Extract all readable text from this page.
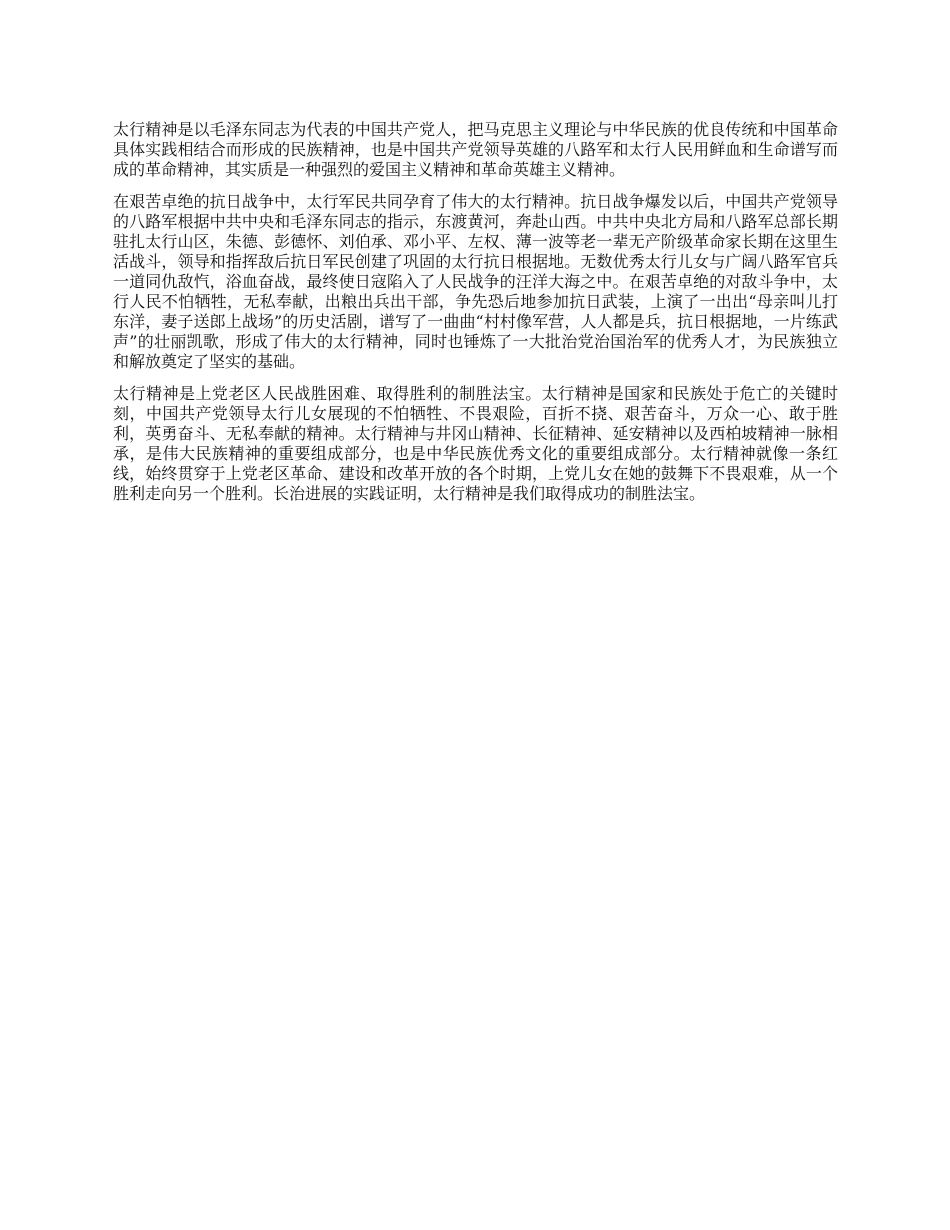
太行精神是以毛泽东同志为代表的中国共产党人，把马克思主义理论与中华民族的优良传统和中国革命具体实践相结合而形成的民族精神，也是中国共产党领导英雄的八路军和太行人民用鲜血和生命谱写而成的革命精神，其实质是一种强烈的爱国主义精神和革命英雄主义精神。

在艰苦卓绝的抗日战争中，太行军民共同孕育了伟大的太行精神。抗日战争爆发以后，中国共产党领导的八路军根据中共中央和毛泽东同志的指示，东渡黄河，奔赴山西。中共中央北方局和八路军总部长期驻扎太行山区，朱德、彭德怀、刘伯承、邓小平、左权、薄一波等老一辈无产阶级革命家长期在这里生活战斗，领导和指挥敌后抗日军民创建了巩固的太行抗日根据地。无数优秀太行儿女与广阔八路军官兵一道同仇敌忾，浴血奋战，最终使日寇陷入了人民战争的汪洋大海之中。在艰苦卓绝的对敌斗争中，太行人民不怕牺牲，无私奉献，出粮出兵出干部，争先恐后地参加抗日武装，上演了一出出“母亲叫儿打东洋，妻子送郎上战场”的历史活剧，谱写了一曲曲“村村像军营，人人都是兵，抗日根据地，一片练武声”的壮丽凯歌，形成了伟大的太行精神，同时也锤炼了一大批治党治国治军的优秀人才，为民族独立和解放奠定了坚实的基础。

太行精神是上党老区人民战胜困难、取得胜利的制胜法宝。太行精神是国家和民族处于危亡的关键时刻，中国共产党领导太行儿女展现的不怕牺牲、不畏艰险，百折不挠、艰苦奋斗，万众一心、敢于胜利，英勇奋斗、无私奉献的精神。太行精神与井冈山精神、长征精神、延安精神以及西柏坡精神一脉相承，是伟大民族精神的重要组成部分，也是中华民族优秀文化的重要组成部分。太行精神就像一条红线，始终贯穿于上党老区革命、建设和改革开放的各个时期，上党儿女在她的鼓舞下不畏艰难，从一个胜利走向另一个胜利。长治进展的实践证明，太行精神是我们取得成功的制胜法宝。
